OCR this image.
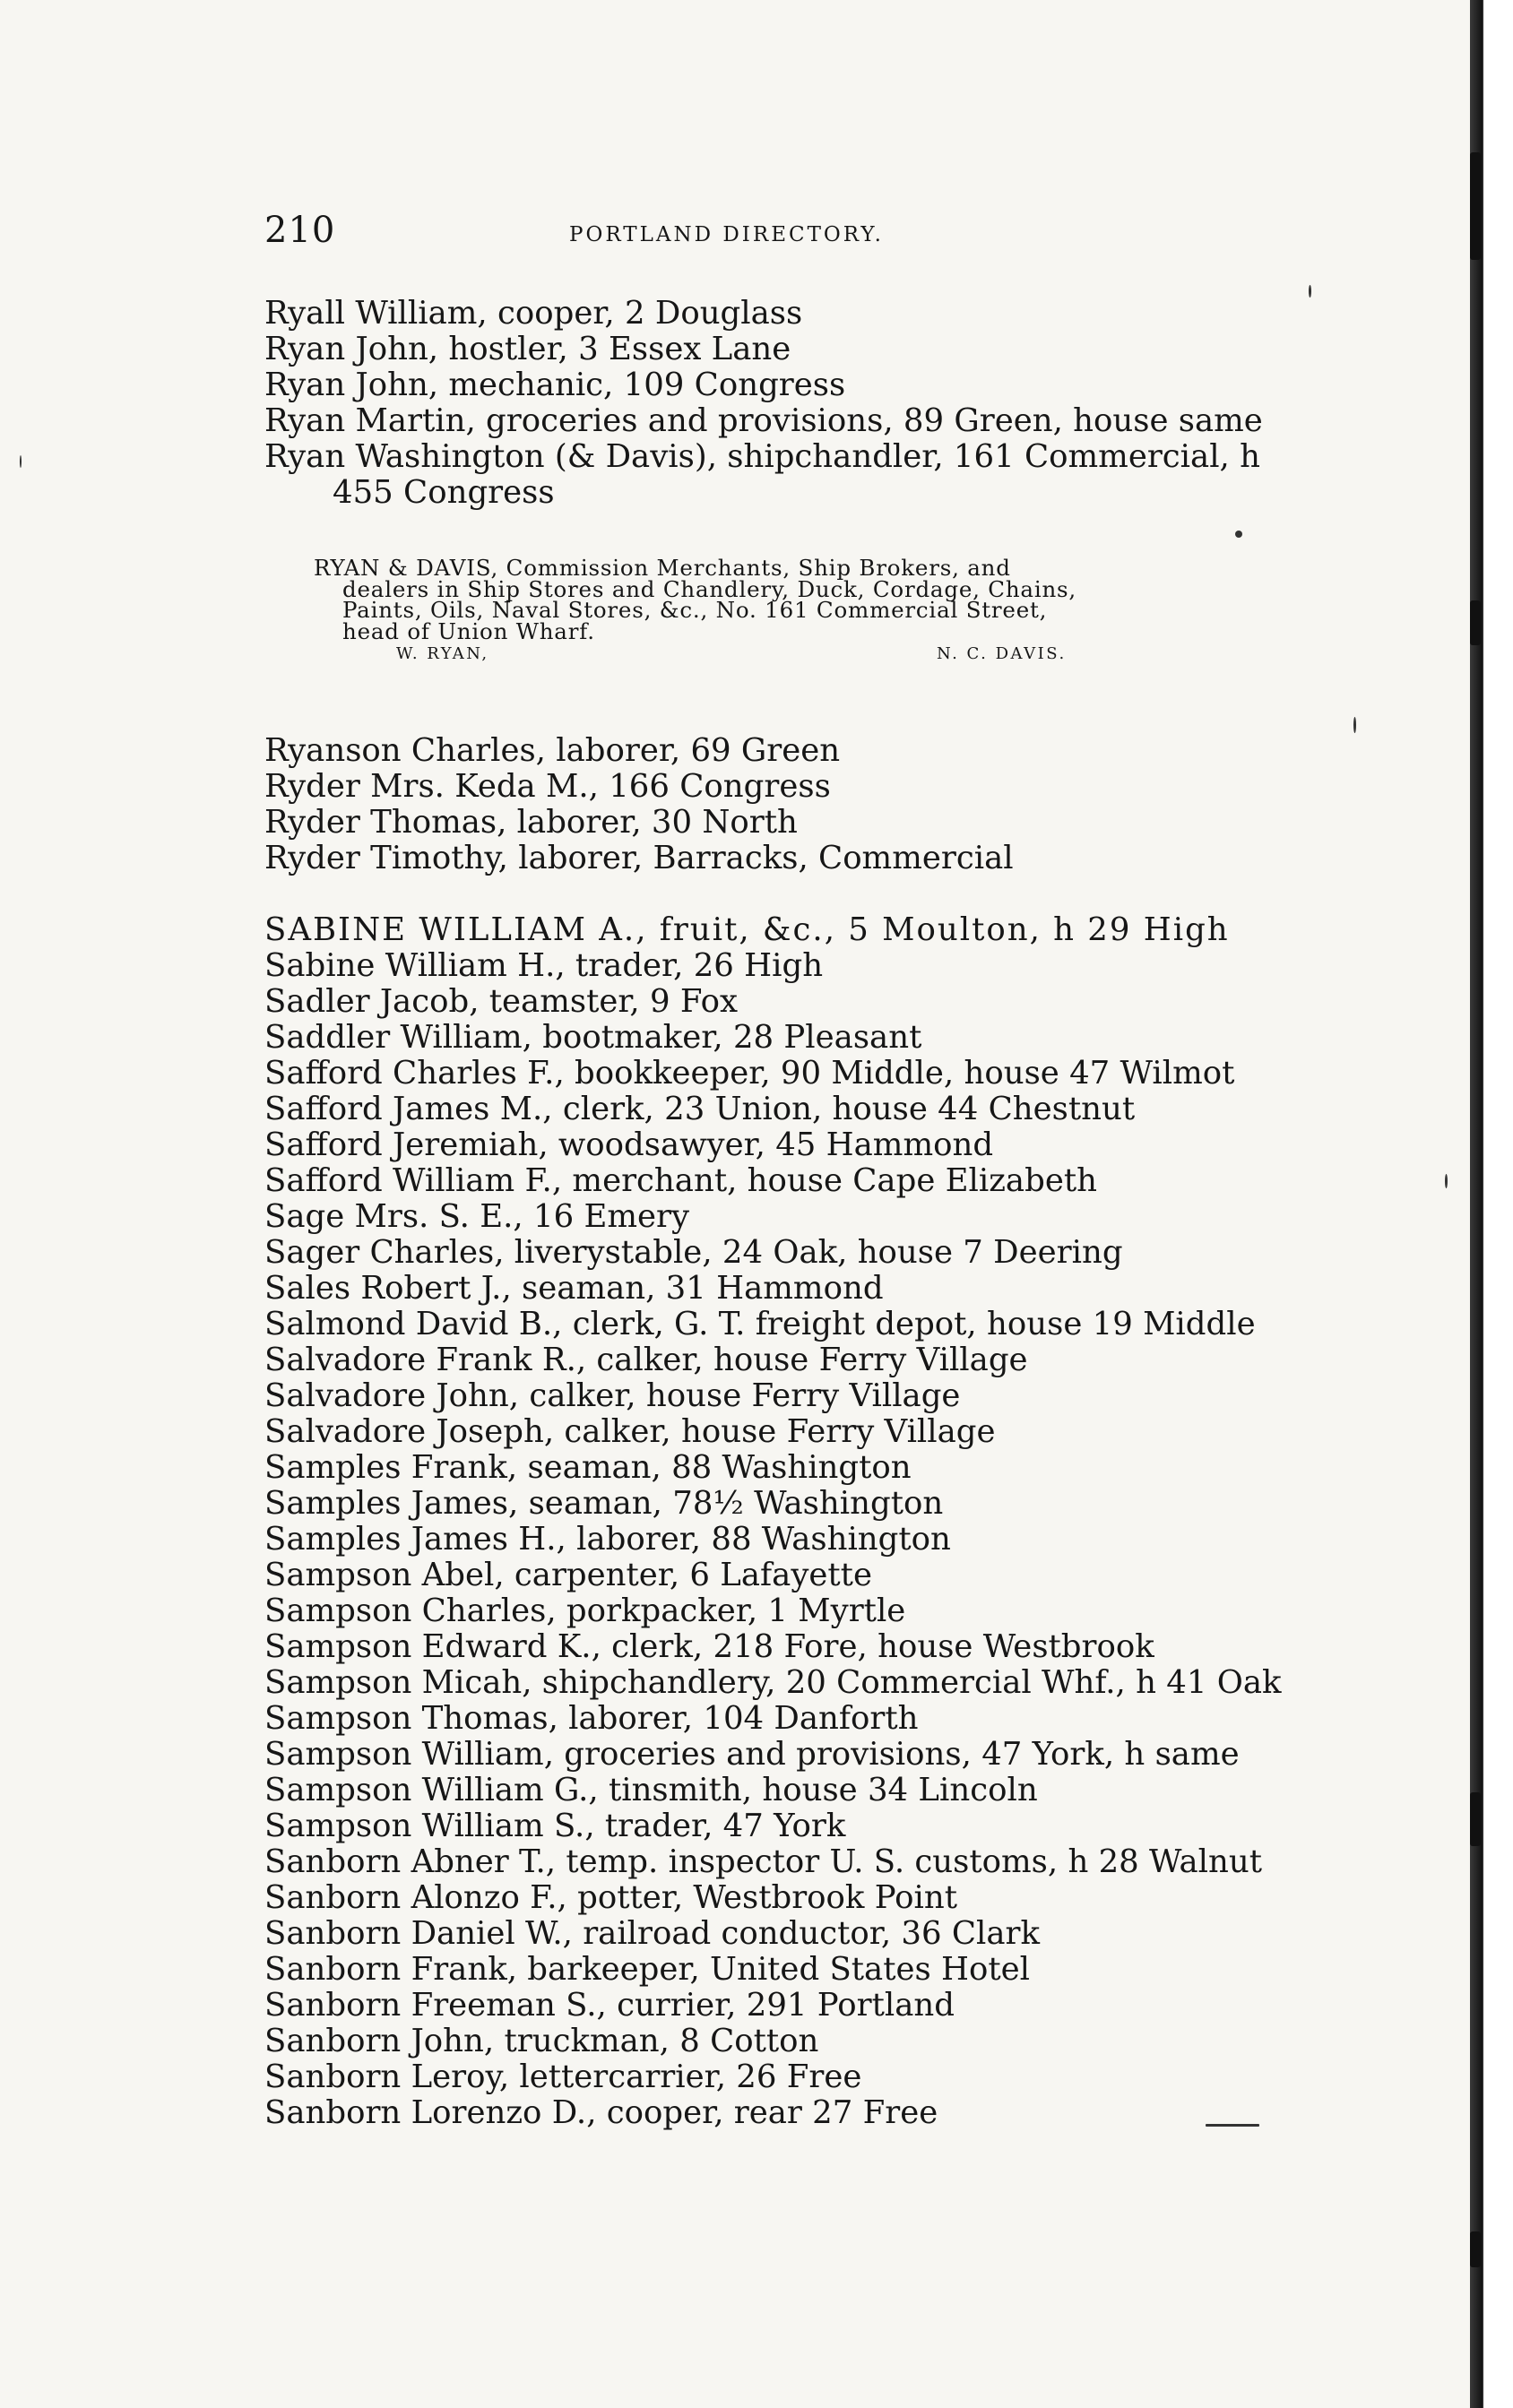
210	PORTLAND DIRECTORY.

Ryall William, cooper, 2 Douglass

Ryan John, hostler, 3 Essex Lane

Ryan John, mechanic, 109 Congress

Ryan Martin, groceries and provisions, 89 Green, house same

Ryan Washington (& Davis), shipchandler, 161 Commercial, h

455 Congress

RYAN & DAVIS, Commission Merchants, Ship Brokers, and

dealers in Ship Stores and Chandlery, Duck, Cordage, Chains,

Paints, Oils, Naval Stores, &c., No. 161 Commercial Street,

head of Union Wharf.

W. RYAN,	N. C. DAVIS.

Ryanson Charles, laborer, 69 Green

Ryder Mrs. Keda M., 166 Congress

Ryder Thomas, laborer, 30 North

Ryder Timothy, laborer, Barracks, Commercial

SABINE WILLIAM A., fruit, &c., 5 Moulton, h 29 High

Sabine William H., trader, 26 High

Sadler Jacob, teamster, 9 Fox

Saddler William, bootmaker, 28 Pleasant

Safford Charles F., bookkeeper, 90 Middle, house 47 Wilmot

Safford James M., clerk, 23 Union, house 44 Chestnut

Safford Jeremiah, woodsawyer, 45 Hammond

Safford William F., merchant, house Cape Elizabeth

Sage Mrs. S. E., 16 Emery

Sager Charles, liverystable, 24 Oak, house 7 Deering

Sales Robert J., seaman, 31 Hammond

Salmond David B., clerk, G. T. freight depot, house 19 Middle

Salvadore Frank R., calker, house Ferry Village

Salvadore John, calker, house Ferry Village

Salvadore Joseph, calker, house Ferry Village

Samples Frank, seaman, 88 Washington

Samples James, seaman, 78½ Washington

Samples James H., laborer, 88 Washington

Sampson Abel, carpenter, 6 Lafayette

Sampson Charles, porkpacker, 1 Myrtle

Sampson Edward K., clerk, 218 Fore, house Westbrook

Sampson Micah, shipchandlery, 20 Commercial Whf., h 41 Oak

Sampson Thomas, laborer, 104 Danforth

Sampson William, groceries and provisions, 47 York, h same

Sampson William G., tinsmith, house 34 Lincoln

Sampson William S., trader, 47 York

Sanborn Abner T., temp. inspector U. S. customs, h 28 Walnut

Sanborn Alonzo F., potter, Westbrook Point

Sanborn Daniel W., railroad conductor, 36 Clark

Sanborn Frank, barkeeper, United States Hotel

Sanborn Freeman S., currier, 291 Portland

Sanborn John, truckman, 8 Cotton

Sanborn Leroy, lettercarrier, 26 Free

Sanborn Lorenzo D., cooper, rear 27 Free
